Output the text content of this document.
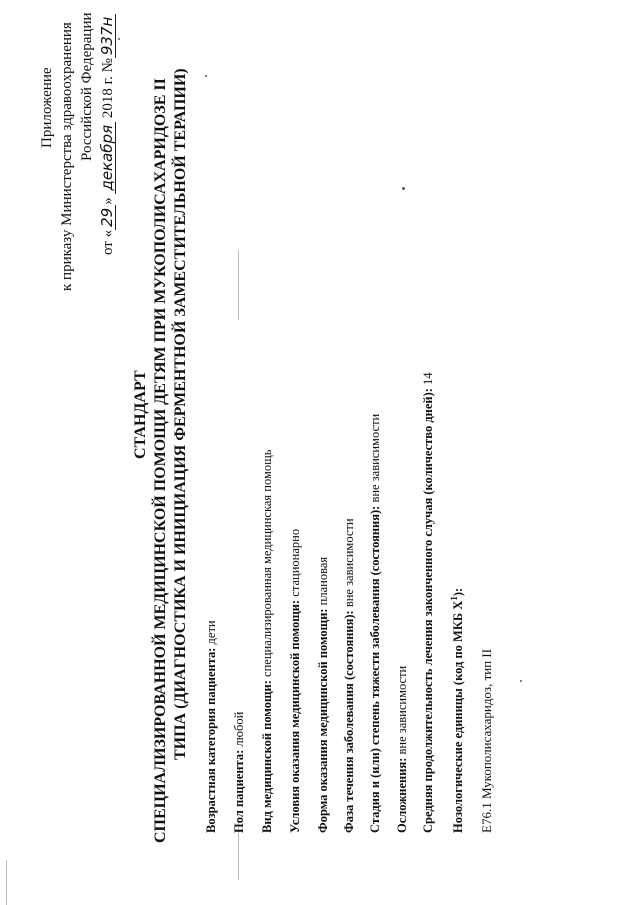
Приложение к приказу Министерства здравоохранения Российской Федерации
от «29» декабря 2018 г. №937н
СТАНДАРТ СПЕЦИАЛИЗИРОВАННОЙ МЕДИЦИНСКОЙ ПОМОЩИ ДЕТЯМ ПРИ МУКОПОЛИСАХАРИДОЗЕ II ТИПА (ДИАГНОСТИКА И ИНИЦИАЦИЯ ФЕРМЕНТНОЙ ЗАМЕСТИТЕЛЬНОЙ ТЕРАПИИ) Возрастная категория пациента: дети
Пол пациента: любой Вид медицинской помощи: специализированная медицинская помощь
Условия оказания медицинской помощи: стационарно
Форма оказания медицинской помощи: плановая
Фаза течения заболевания (состояния): вне зависимости Стадия и (или) степень тяжести заболевания (состояния): вне зависимости
Осложнения: вне зависимости Средняя продолжительность лечения законченного случая (количество дней): 14
Нозологические единицы (код по МКБ $X^1$):
E76.1 Мукополисахаридоз, тип II
